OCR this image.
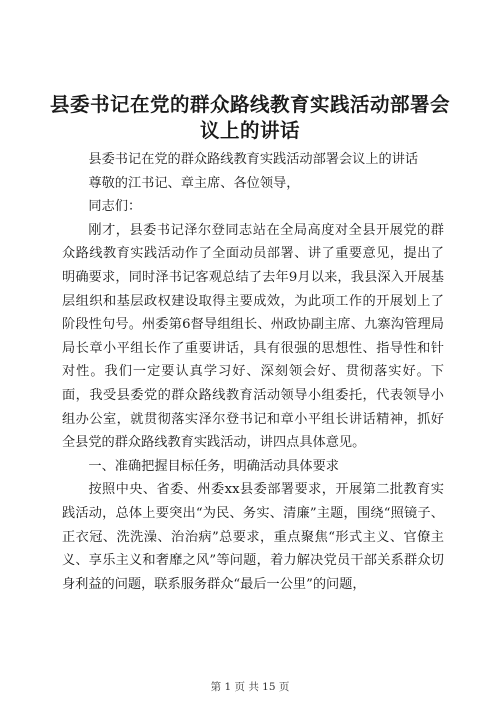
县委书记在党的群众路线教育实践活动部署会议上的讲话

县委书记在党的群众路线教育实践活动部署会议上的讲话

尊敬的江书记、章主席、各位领导，

同志们：

刚才，县委书记泽尔登同志站在全局高度对全县开展党的群众路线教育实践活动作了全面动员部署、讲了重要意见，提出了明确要求，同时泽书记客观总结了去年9月以来，我县深入开展基层组织和基层政权建设取得主要成效，为此项工作的开展划上了阶段性句号。州委第6督导组组长、州政协副主席、九寨沟管理局局长章小平组长作了重要讲话，具有很强的思想性、指导性和针对性。我们一定要认真学习好、深刻领会好、贯彻落实好。下面，我受县委党的群众路线教育活动领导小组委托，代表领导小组办公室，就贯彻落实泽尔登书记和章小平组长讲话精神，抓好全县党的群众路线教育实践活动，讲四点具体意见。

一、准确把握目标任务，明确活动具体要求

按照中央、省委、州委xx县委部署要求，开展第二批教育实践活动，总体上要突出“为民、务实、清廉”主题，围绕“照镜子、正衣冠、洗洗澡、治治病”总要求，重点聚焦“形式主义、官僚主义、享乐主义和奢靡之风”等问题，着力解决党员干部关系群众切身利益的问题，联系服务群众“最后一公里”的问题，

第 1 页 共 15 页
